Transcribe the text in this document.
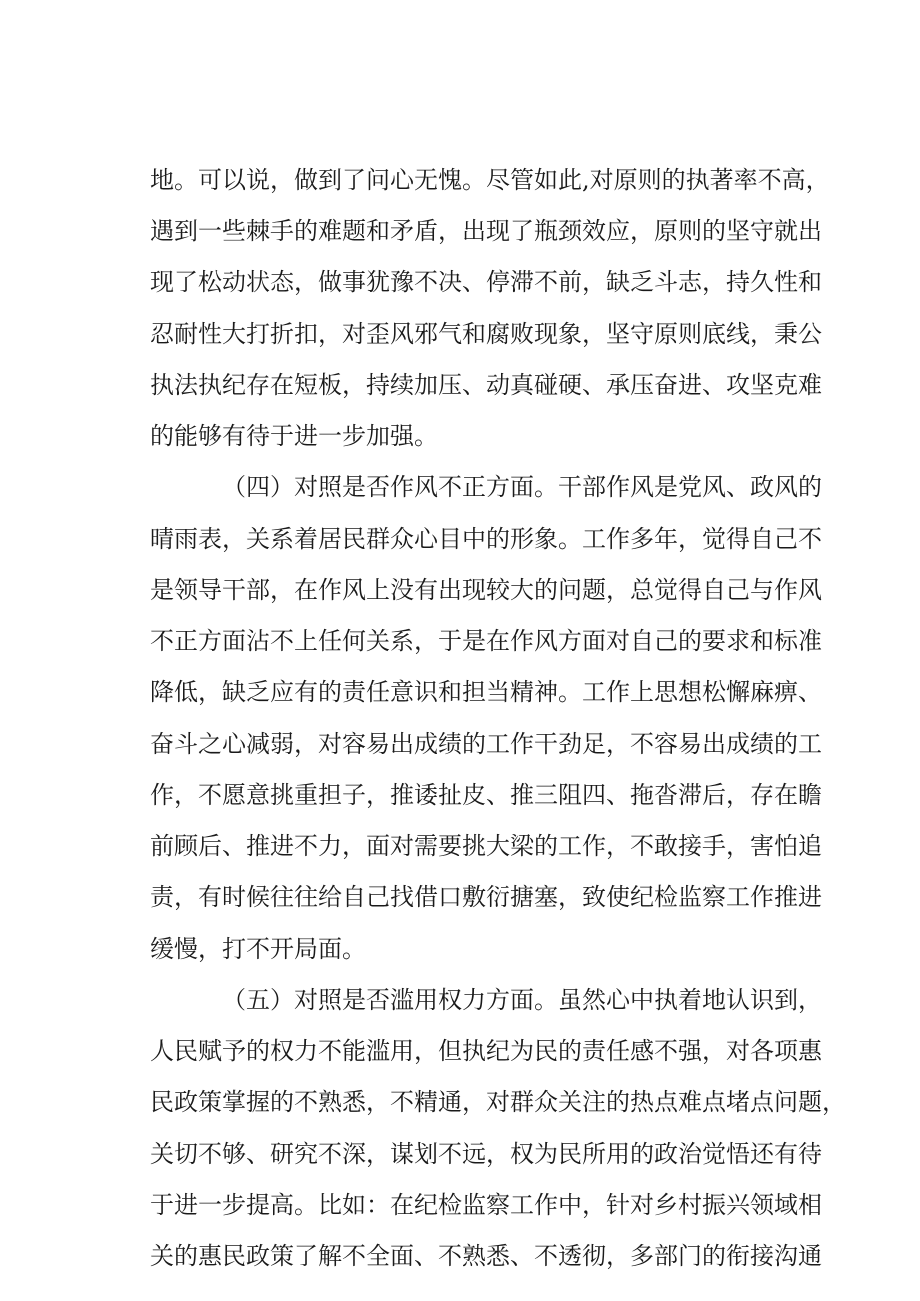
地。可以说，做到了问心无愧。尽管如此,对原则的执著率不高，
遇到一些棘手的难题和矛盾，出现了瓶颈效应，原则的坚守就出
现了松动状态，做事犹豫不决、停滞不前，缺乏斗志，持久性和
忍耐性大打折扣，对歪风邪气和腐败现象，坚守原则底线，秉公
执法执纪存在短板，持续加压、动真碰硬、承压奋进、攻坚克难
的能够有待于进一步加强。
（四）对照是否作风不正方面。干部作风是党风、政风的
晴雨表，关系着居民群众心目中的形象。工作多年，觉得自己不
是领导干部，在作风上没有出现较大的问题，总觉得自己与作风
不正方面沾不上任何关系，于是在作风方面对自己的要求和标准
降低，缺乏应有的责任意识和担当精神。工作上思想松懈麻痹、
奋斗之心减弱，对容易出成绩的工作干劲足，不容易出成绩的工
作，不愿意挑重担子，推诿扯皮、推三阻四、拖沓滞后，存在瞻
前顾后、推进不力，面对需要挑大梁的工作，不敢接手，害怕追
责，有时候往往给自己找借口敷衍搪塞，致使纪检监察工作推进
缓慢，打不开局面。
（五）对照是否滥用权力方面。虽然心中执着地认识到，
人民赋予的权力不能滥用，但执纪为民的责任感不强，对各项惠
民政策掌握的不熟悉，不精通，对群众关注的热点难点堵点问题，
关切不够、研究不深，谋划不远，权为民所用的政治觉悟还有待
于进一步提高。比如：在纪检监察工作中，针对乡村振兴领域相
关的惠民政策了解不全面、不熟悉、不透彻，多部门的衔接沟通
